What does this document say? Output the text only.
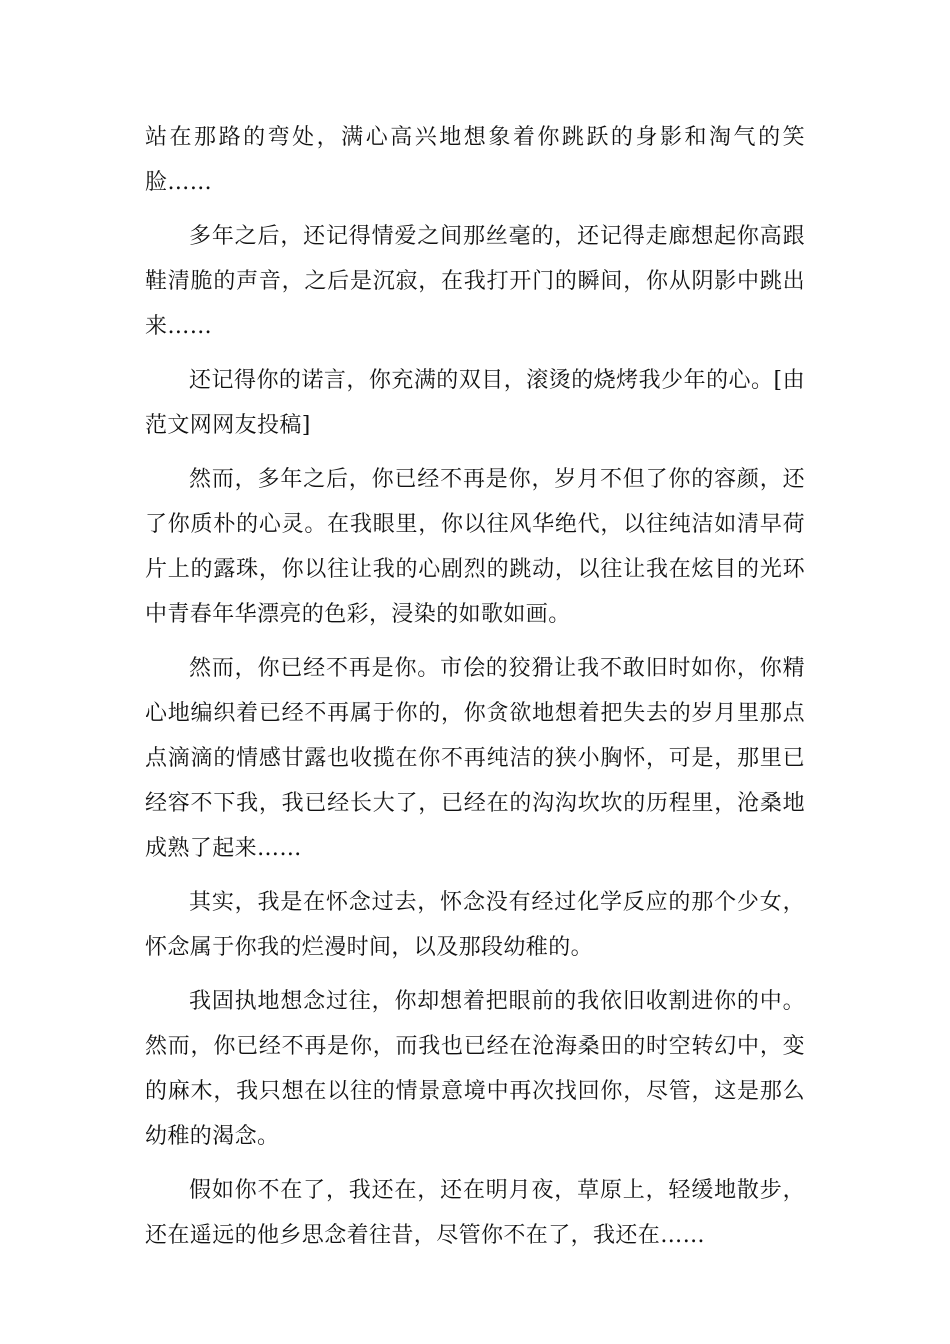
站在那路的弯处，满心高兴地想象着你跳跃的身影和淘气的笑脸……

多年之后，还记得情爱之间那丝毫的，还记得走廊想起你高跟鞋清脆的声音，之后是沉寂，在我打开门的瞬间，你从阴影中跳出来……

还记得你的诺言，你充满的双目，滚烫的烧烤我少年的心。[由范文网网友投稿]

然而，多年之后，你已经不再是你，岁月不但了你的容颜，还了你质朴的心灵。在我眼里，你以往风华绝代，以往纯洁如清早荷片上的露珠，你以往让我的心剧烈的跳动，以往让我在炫目的光环中青春年华漂亮的色彩，浸染的如歌如画。

然而，你已经不再是你。市侩的狡猾让我不敢旧时如你，你精心地编织着已经不再属于你的，你贪欲地想着把失去的岁月里那点点滴滴的情感甘露也收揽在你不再纯洁的狭小胸怀，可是，那里已经容不下我，我已经长大了，已经在的沟沟坎坎的历程里，沧桑地成熟了起来……

其实，我是在怀念过去，怀念没有经过化学反应的那个少女，怀念属于你我的烂漫时间，以及那段幼稚的。

我固执地想念过往，你却想着把眼前的我依旧收割进你的中。然而，你已经不再是你，而我也已经在沧海桑田的时空转幻中，变的麻木，我只想在以往的情景意境中再次找回你，尽管，这是那么幼稚的渴念。

假如你不在了，我还在，还在明月夜，草原上，轻缓地散步，还在遥远的他乡思念着往昔，尽管你不在了，我还在……
